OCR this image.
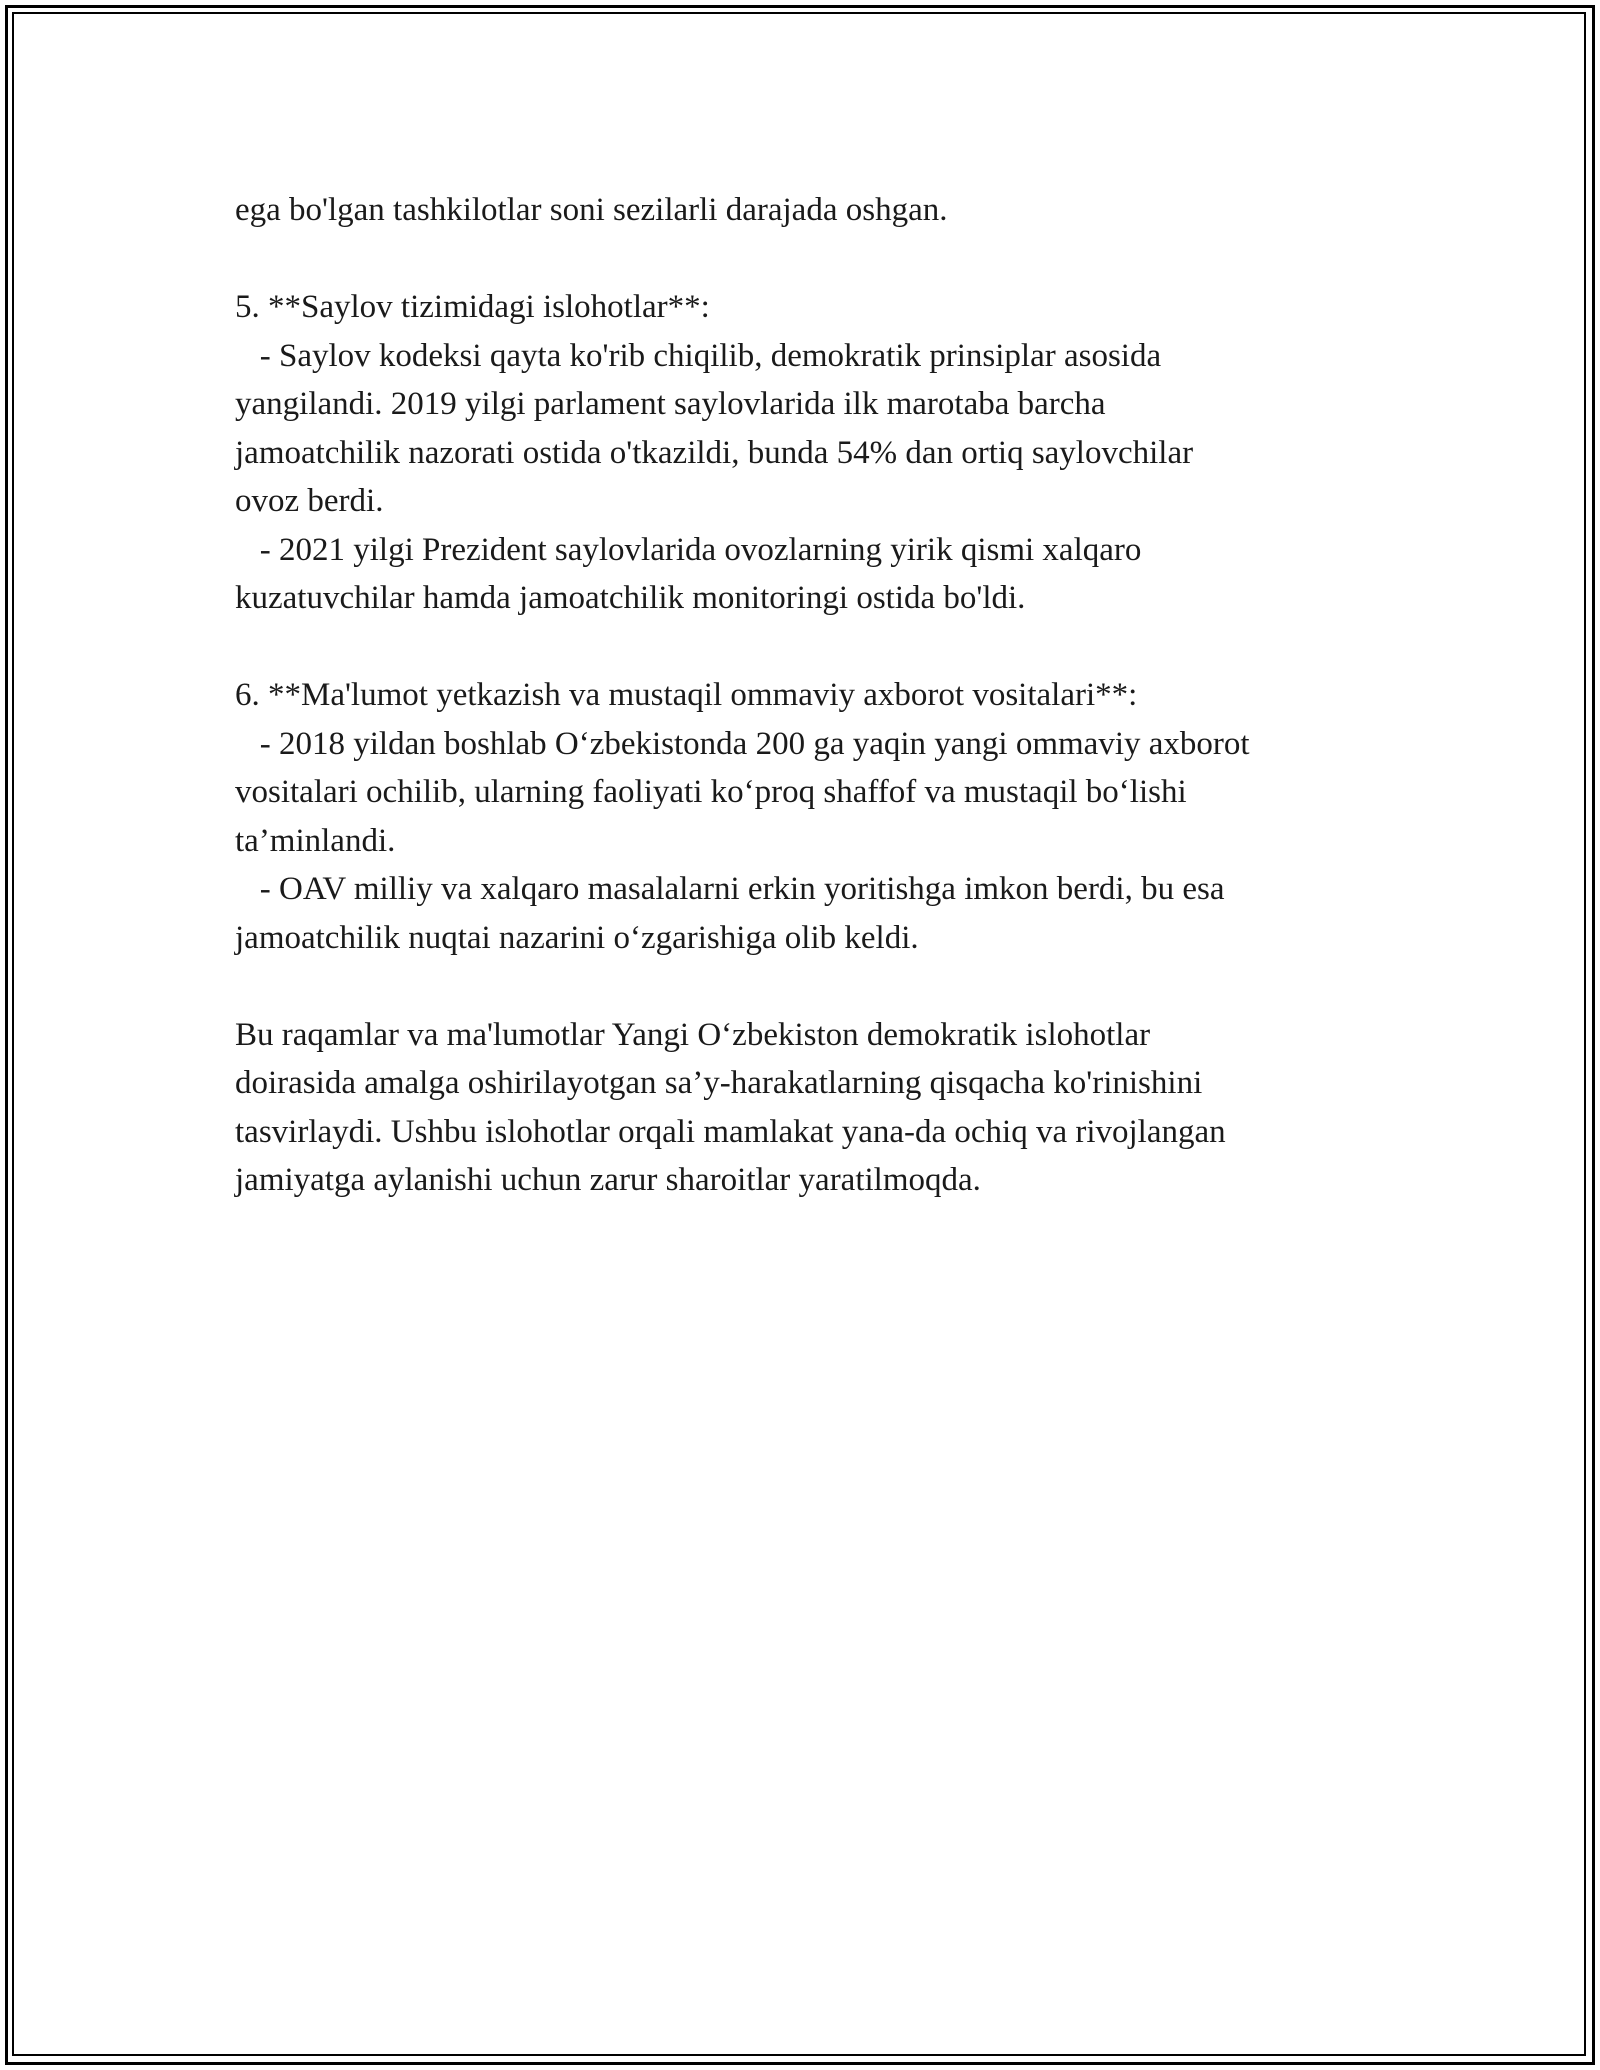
ega bo'lgan tashkilotlar soni sezilarli darajada oshgan.
5. **Saylov tizimidagi islohotlar**:
- Saylov kodeksi qayta ko'rib chiqilib, demokratik prinsiplar asosida
yangilandi. 2019 yilgi parlament saylovlarida ilk marotaba barcha
jamoatchilik nazorati ostida o'tkazildi, bunda 54% dan ortiq saylovchilar
ovoz berdi.
- 2021 yilgi Prezident saylovlarida ovozlarning yirik qismi xalqaro
kuzatuvchilar hamda jamoatchilik monitoringi ostida bo'ldi.
6. **Ma'lumot yetkazish va mustaqil ommaviy axborot vositalari**:
- 2018 yildan boshlab O‘zbekistonda 200 ga yaqin yangi ommaviy axborot
vositalari ochilib, ularning faoliyati ko‘proq shaffof va mustaqil bo‘lishi
ta’minlandi.
- OAV milliy va xalqaro masalalarni erkin yoritishga imkon berdi, bu esa
jamoatchilik nuqtai nazarini o‘zgarishiga olib keldi.
Bu raqamlar va ma'lumotlar Yangi O‘zbekiston demokratik islohotlar
doirasida amalga oshirilayotgan sa’y-harakatlarning qisqacha ko'rinishini
tasvirlaydi. Ushbu islohotlar orqali mamlakat yana-da ochiq va rivojlangan
jamiyatga aylanishi uchun zarur sharoitlar yaratilmoqda.
